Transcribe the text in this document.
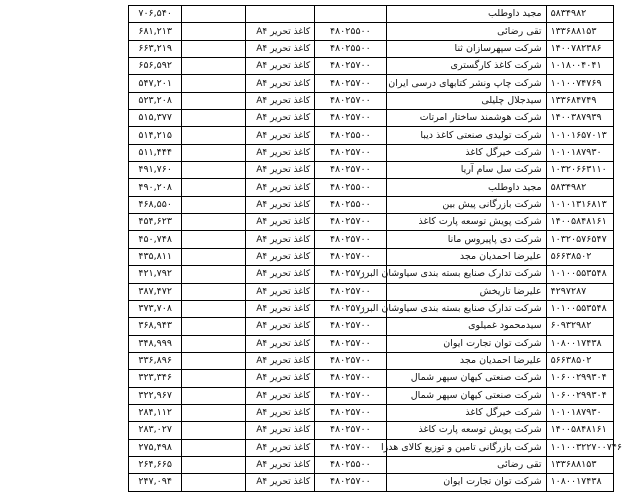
۷۰۶,۵۴۰				مجید داوطلب	۵۸۳۴۹۸۲
۶۸۱,۲۱۳		کاغذ تحریر A۴	۴۸۰۲۵۵۰۰	تقی رضائی	۱۳۳۶۸۸۱۵۳
۶۶۳,۲۱۹		کاغذ تحریر A۴	۴۸۰۲۵۵۰۰	شرکت سپهرسازان ثنا	۱۴۰۰۷۸۲۳۸۶
۶۵۶,۵۹۲		کاغذ تحریر A۴	۴۸۰۲۵۷۰۰	شرکت کاغذ کارگستری	۱۰۱۸۰۰۴۰۴۱
۵۴۷,۲۰۱		کاغذ تحریر A۴	۴۸۰۲۵۷۰۰	شرکت چاپ ونشر کتابهای درسی ایران	۱۰۱۰۰۷۴۷۶۹
۵۲۳,۲۰۸		کاغذ تحریر A۴	۴۸۰۲۵۷۰۰	سیدجلال چلیلی	۱۳۳۶۸۴۷۴۹
۵۱۵,۳۷۷		کاغذ تحریر A۴	۴۸۰۲۵۷۰۰	شرکت هوشمند ساختار امرتات	۱۴۰۰۳۸۷۹۳۹
۵۱۴,۲۱۵		کاغذ تحریر A۴	۴۸۰۲۵۵۰۰	شرکت تولیدی صنعتی کاغذ دیبا	۱۰۱۰۱۶۵۷۰۱۳
۵۱۱,۴۴۴		کاغذ تحریر A۴	۴۸۰۲۵۷۰۰	شرکت خیرگل کاغذ	۱۰۱۰۱۸۷۹۳۰
۴۹۱,۷۶۰		کاغذ تحریر A۴	۴۸۰۲۵۷۰۰	شرکت سل سام آریا	۱۰۳۲۰۶۶۳۱۱۰
۴۹۰,۲۰۸		کاغذ تحریر A۴	۴۸۰۲۵۵۰۰	مجید داوطلب	۵۸۳۴۹۸۲
۴۶۸,۵۵۰		کاغذ تحریر A۴	۴۸۰۲۵۵۰۰	شرکت بازرگانی پیش بین	۱۰۱۰۱۳۱۶۸۱۳
۴۵۴,۶۲۳		کاغذ تحریر A۴	۴۸۰۲۵۷۰۰	شرکت پویش توسعه پارت کاغذ	۱۴۰۰۵۸۴۸۱۶۱
۴۵۰,۷۴۸		کاغذ تحریر A۴	۴۸۰۲۵۷۰۰	شرکت دی پاپیروس مانا	۱۰۳۲۰۵۷۶۵۴۷
۴۳۵,۸۱۱		کاغذ تحریر A۴	۴۸۰۲۵۷۰۰	علیرضا احمدیان مجد	۵۶۶۳۸۵۰۲
۴۲۱,۷۹۲		کاغذ تحریر A۴	۴۸۰۲۵۷۰۰	شرکت تدارک صنایع بسته بندی سیاوشان البرز	۱۰۱۰۰۵۵۳۵۴۸
۳۸۷,۴۷۲		کاغذ تحریر A۴	۴۸۰۲۵۷۰۰	علیرضا تاریخش	۴۲۹۷۲۸۷
۳۷۳,۷۰۸		کاغذ تحریر A۴	۴۸۰۲۵۷۰۰	شرکت تدارک صنایع بسته بندی سیاوشان البرز	۱۰۱۰۰۵۵۳۵۴۸
۳۶۸,۹۴۳		کاغذ تحریر A۴	۴۸۰۲۵۷۰۰	سیدمحمود غمیلوی	۶۰۹۳۲۹۸۲
۳۴۸,۹۹۹		کاغذ تحریر A۴	۴۸۰۲۵۷۰۰	شرکت توان تجارت ایوان	۱۰۸۰۰۱۷۴۳۸
۳۳۶,۸۹۶		کاغذ تحریر A۴	۴۸۰۲۵۷۰۰	علیرضا احمدیان مجد	۵۶۶۳۸۵۰۲
۳۲۳,۳۴۶		کاغذ تحریر A۴	۴۸۰۲۵۷۰۰	شرکت صنعتی کیهان سپهر شمال	۱۰۶۰۰۲۹۹۳۰۴
۳۲۲,۹۶۷		کاغذ تحریر A۴	۴۸۰۲۵۷۰۰	شرکت صنعتی کیهان سپهر شمال	۱۰۶۰۰۲۹۹۳۰۴
۲۸۴,۱۱۲		کاغذ تحریر A۴	۴۸۰۲۵۷۰۰	شرکت خیرگل کاغذ	۱۰۱۰۱۸۷۹۳۰
۲۸۳,۰۲۷		کاغذ تحریر A۴	۴۸۰۲۵۷۰۰	شرکت پویش توسعه پارت کاغذ	۱۴۰۰۵۸۴۸۱۶۱
۲۷۵,۴۹۸		کاغذ تحریر A۴	۴۸۰۲۵۷۰۰	شرکت بازرگانی تامین و توزیع کالای هدزا	۱۰۱۰۰۳۲۲۷۰۰۷۴۶
۲۶۴,۶۶۵		کاغذ تحریر A۴	۴۸۰۲۵۵۰۰	تقی رضائی	۱۳۳۶۸۸۱۵۳
۲۴۷,۰۹۴		کاغذ تحریر A۴	۴۸۰۲۵۷۰۰	شرکت توان تجارت ایوان	۱۰۸۰۰۱۷۴۳۸
